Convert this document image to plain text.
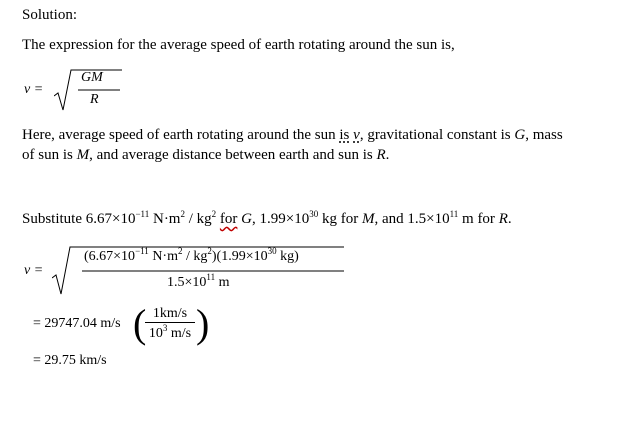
Solution:
The expression for the average speed of earth rotating around the sun is,
v =
GM
R
Here, average speed of earth rotating around the sun is v, gravitational constant is G, mass
of sun is M, and average distance between earth and sun is R.
Substitute $6.67\times 10^{-11}$ $N\cdot m^2 / kg^2$ for G, $1.99\times 10^{30}$ kg for M, and $1.5\times 10^{11}$ m for R.
v =
($6.67\times 10^{-11}$ $N\cdot m^2 / kg^2)(1.99\times 10^{30}$ kg)
$1.5\times 10^{11}$ m
= 29747.04 m/s ( 1km/s
$10^3$ m/s )
= 29.75 km/s
